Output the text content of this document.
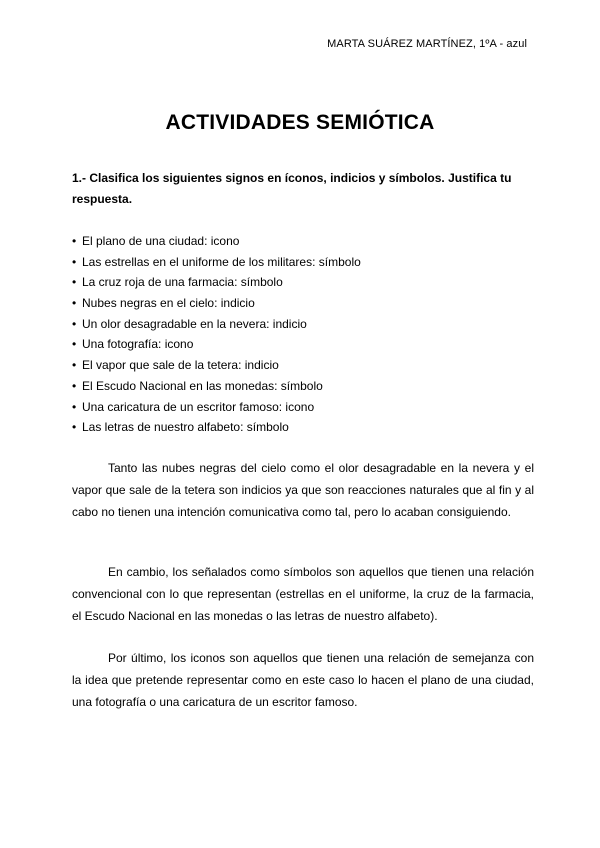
MARTA SUÁREZ MARTÍNEZ, 1ºA - azul
ACTIVIDADES SEMIÓTICA
1.- Clasifica los siguientes signos en íconos, indicios y símbolos. Justifica tu respuesta.
• El plano de una ciudad: icono
• Las estrellas en el uniforme de los militares: símbolo
• La cruz roja de una farmacia: símbolo
• Nubes negras en el cielo: indicio
• Un olor desagradable en la nevera: indicio
• Una fotografía: icono
• El vapor que sale de la tetera: indicio
• El Escudo Nacional en las monedas: símbolo
• Una caricatura de un escritor famoso: icono
• Las letras de nuestro alfabeto: símbolo

Tanto las nubes negras del cielo como el olor desagradable en la nevera y el vapor que sale de la tetera son indicios ya que son reacciones naturales que al fin y al cabo no tienen una intención comunicativa como tal, pero lo acaban consiguiendo.

En cambio, los señalados como símbolos son aquellos que tienen una relación convencional con lo que representan (estrellas en el uniforme, la cruz de la farmacia, el Escudo Nacional en las monedas o las letras de nuestro alfabeto).

Por último, los iconos son aquellos que tienen una relación de semejanza con la idea que pretende representar como en este caso lo hacen el plano de una ciudad, una fotografía o una caricatura de un escritor famoso.
